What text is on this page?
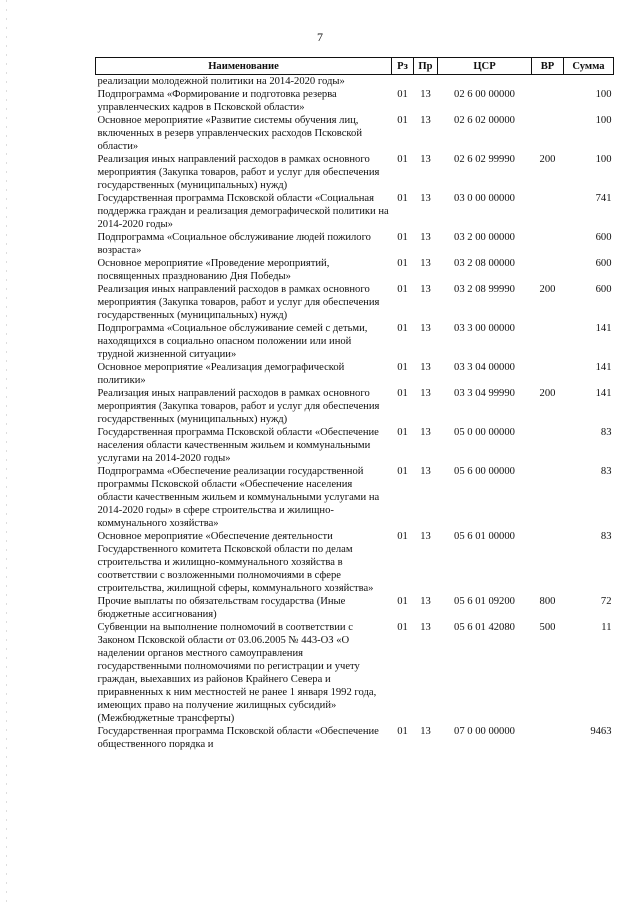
7
Наименование	Рз	Пр	ЦСР	ВР	Сумма
реализации молодежной политики на 2014-2020 годы»					
Подпрограмма «Формирование и подготовка резерва управленческих кадров в Псковской области»	01	13	02 6 00 00000		100
Основное мероприятие «Развитие системы обучения лиц, включенных в резерв управленческих расходов Псковской области»	01	13	02 6 02 00000		100
Реализация иных направлений расходов в рамках основного мероприятия (Закупка товаров, работ и услуг для обеспечения государственных (муниципальных) нужд)	01	13	02 6 02 99990	200	100
Государственная программа Псковской области «Социальная поддержка граждан и реализация демографической политики на 2014-2020 годы»	01	13	03 0 00 00000		741
Подпрограмма «Социальное обслуживание людей пожилого возраста»	01	13	03 2 00 00000		600
Основное мероприятие «Проведение мероприятий, посвященных празднованию Дня Победы»	01	13	03 2 08 00000		600
Реализация иных направлений расходов в рамках основного мероприятия (Закупка товаров, работ и услуг для обеспечения государственных (муниципальных) нужд)	01	13	03 2 08 99990	200	600
Подпрограмма «Социальное обслуживание семей с детьми, находящихся в социально опасном положении или иной трудной жизненной ситуации»	01	13	03 3 00 00000		141
Основное мероприятие «Реализация демографической политики»	01	13	03 3 04 00000		141
Реализация иных направлений расходов в рамках основного мероприятия (Закупка товаров, работ и услуг для обеспечения государственных (муниципальных) нужд)	01	13	03 3 04 99990	200	141
Государственная программа Псковской области «Обеспечение населения области качественным жильем и коммунальными услугами на 2014-2020 годы»	01	13	05 0 00 00000		83
Подпрограмма «Обеспечение реализации государственной программы Псковской области «Обеспечение населения области качественным жильем и коммунальными услугами на 2014-2020 годы» в сфере строительства и жилищно-коммунального хозяйства»	01	13	05 6 00 00000		83
Основное мероприятие «Обеспечение деятельности Государственного комитета Псковской области по делам строительства и жилищно-коммунального хозяйства в соответствии с возложенными полномочиями в сфере строительства, жилищной сферы, коммунального хозяйства»	01	13	05 6 01 00000		83
Прочие выплаты по обязательствам государства (Иные бюджетные ассигнования)	01	13	05 6 01 09200	800	72
Субвенции на выполнение полномочий в соответствии с Законом Псковской области от 03.06.2005 № 443-ОЗ «О наделении органов местного самоуправления государственными полномочиями по регистрации и учету граждан, выехавших из районов Крайнего Севера и приравненных к ним местностей не ранее 1 января 1992 года, имеющих право на получение жилищных субсидий» (Межбюджетные трансферты)	01	13	05 6 01 42080	500	11
Государственная программа Псковской области «Обеспечение общественного порядка и	01	13	07 0 00 00000		9463
